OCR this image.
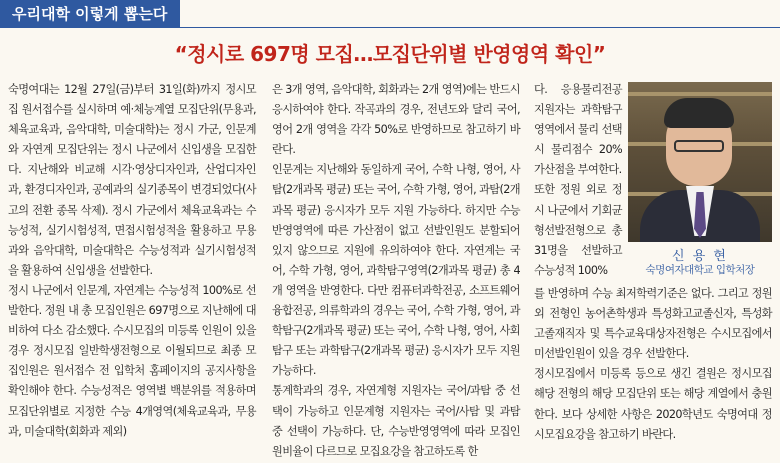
우리대학 이렇게 뽑는다
“정시로 697명 모집…모집단위별 반영영역 확인”
숙명여대는 12월 27일(금)부터 31일(화)까지 정시모집 원서접수를 실시하며 예·체능계열 모집단위(무용과, 체육교육과, 음악대학, 미술대학)는 정시 가군, 인문계와 자연계 모집단위는 정시 나군에서 신입생을 모집한다. 지난해와 비교해 시각·영상디자인과, 산업디자인과, 환경디자인과, 공예과의 실기종목이 변경되었다(사고의 전환 종목 삭제). 정시 가군에서 체육교육과는 수능성적, 실기시험성적, 면접시험성적을 활용하고 무용과와 음악대학, 미술대학은 수능성적과 실기시험성적을 활용하여 신입생을 선발한다.
정시 나군에서 인문계, 자연계는 수능성적 100%로 선발한다. 정원 내 총 모집인원은 697명으로 지난해에 대비하여 다소 감소했다. 수시모집의 미등록 인원이 있을 경우 정시모집 일반학생전형으로 이월되므로 최종 모집인원은 원서접수 전 입학처 홈페이지의 공지사항을 확인해야 한다. 수능성적은 영역별 백분위를 적용하며 모집단위별로 지정한 수능 4개영역(체육교육과, 무용과, 미술대학(회화과 제외)
은 3개 영역, 음악대학, 회화과는 2개 영역)에는 반드시 응시하여야 한다. 작곡과의 경우, 전년도와 달리 국어, 영어 2개 영역을 각각 50%로 반영하므로 참고하기 바란다.
인문계는 지난해와 동일하게 국어, 수학 나형, 영어, 사탐(2개과목 평균) 또는 국어, 수학 가형, 영어, 과탐(2개과목 평균) 응시자가 모두 지원 가능하다. 하지만 수능반영영역에 따른 가산점이 없고 선발인원도 분할되어 있지 않으므로 지원에 유의하여야 한다. 자연계는 국어, 수학 가형, 영어, 과학탐구영역(2개과목 평균) 총 4개 영역을 반영한다. 다만 컴퓨터과학전공, 소프트웨어융합전공, 의류학과의 경우는 국어, 수학 가형, 영어, 과학탐구(2개과목 평균) 또는 국어, 수학 나형, 영어, 사회탐구 또는 과학탐구(2개과목 평균) 응시자가 모두 지원 가능하다.
통계학과의 경우, 자연계형 지원자는 국어/과탐 중 선택이 가능하고 인문계형 지원자는 국어/사탐 및 과탐 중 선택이 가능하다. 단, 수능반영영역에 따라 모집인원비율이 다르므로 모집요강을 참고하도록 한
다. 응용물리전공 지원자는 과학탐구영역에서 물리 선택 시 물리점수 20% 가산점을 부여한다.
또한 정원 외로 정시 나군에서 기회균형선발전형으로 총 31명을 선발하고 수능성적 100%
를 반영하며 수능 최저학력기준은 없다. 그리고 정원외 전형인 농어촌학생과 특성화고교졸신자, 특성화고졸재직자 및 특수교육대상자전형은 수시모집에서 미선발인원이 있을 경우 선발한다.
정시모집에서 미등록 등으로 생긴 결원은 정시모집 해당 전형의 해당 모집단위 또는 해당 계열에서 충원한다. 보다 상세한 사항은 2020학년도 숙명여대 정시모집요강을 참고하기 바란다.
신 용 현
숙명여자대학교 입학처장
